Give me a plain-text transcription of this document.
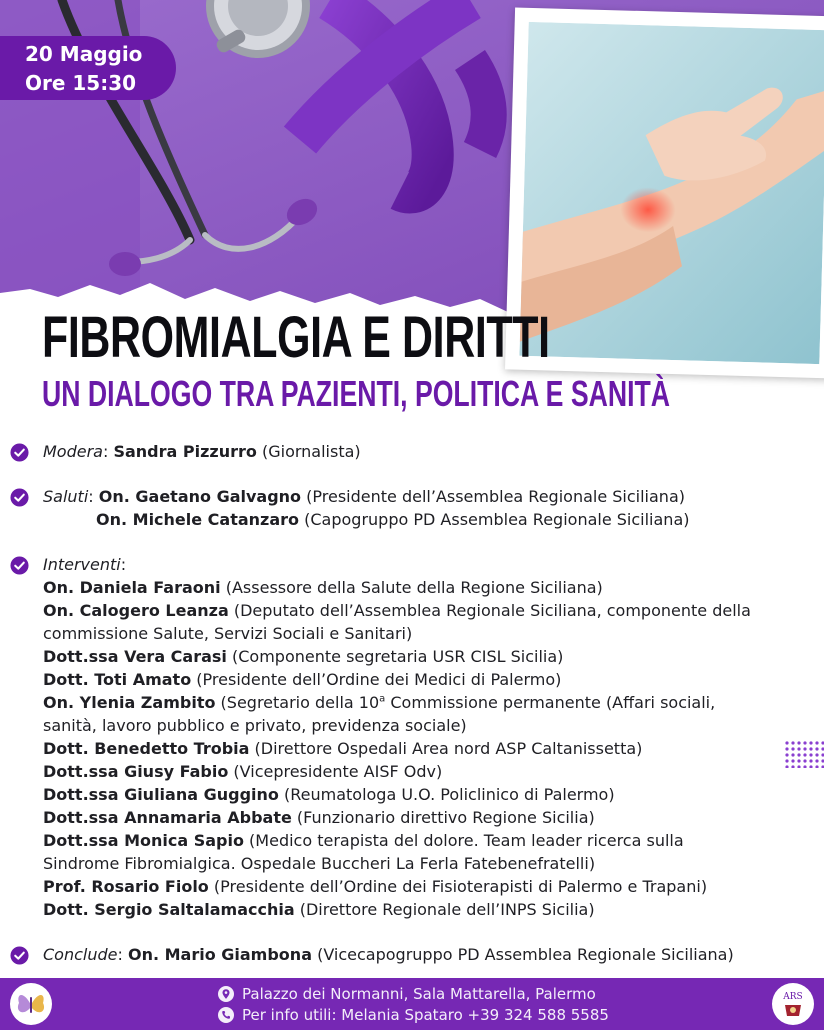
20 Maggio
Ore 15:30
FIBROMIALGIA E DIRITTI
UN DIALOGO TRA PAZIENTI, POLITICA E SANITÀ
Modera: Sandra Pizzurro (Giornalista)
Saluti: On. Gaetano Galvagno (Presidente dell’Assemblea Regionale Siciliana)
On. Michele Catanzaro (Capogruppo PD Assemblea Regionale Siciliana)
Interventi:
On. Daniela Faraoni (Assessore della Salute della Regione Siciliana)
On. Calogero Leanza (Deputato dell’Assemblea Regionale Siciliana, componente della
commissione Salute, Servizi Sociali e Sanitari)
Dott.ssa Vera Carasi (Componente segretaria USR CISL Sicilia)
Dott. Toti Amato (Presidente dell’Ordine dei Medici di Palermo)
On. Ylenia Zambito (Segretario della 10$^a$ Commissione permanente (Affari sociali,
sanità, lavoro pubblico e privato, previdenza sociale)
Dott. Benedetto Trobia (Direttore Ospedali Area nord ASP Caltanissetta)
Dott.ssa Giusy Fabio (Vicepresidente AISF Odv)
Dott.ssa Giuliana Guggino (Reumatologa U.O. Policlinico di Palermo)
Dott.ssa Annamaria Abbate (Funzionario direttivo Regione Sicilia)
Dott.ssa Monica Sapio (Medico terapista del dolore. Team leader ricerca sulla
Sindrome Fibromialgica. Ospedale Buccheri La Ferla Fatebenefratelli)
Prof. Rosario Fiolo (Presidente dell’Ordine dei Fisioterapisti di Palermo e Trapani)
Dott. Sergio Saltalamacchia (Direttore Regionale dell’INPS Sicilia)
Conclude: On. Mario Giambona (Vicecapogruppo PD Assemblea Regionale Siciliana)
Palazzo dei Normanni, Sala Mattarella, Palermo
Per info utili: Melania Spataro +39 324 588 5585
ARS
